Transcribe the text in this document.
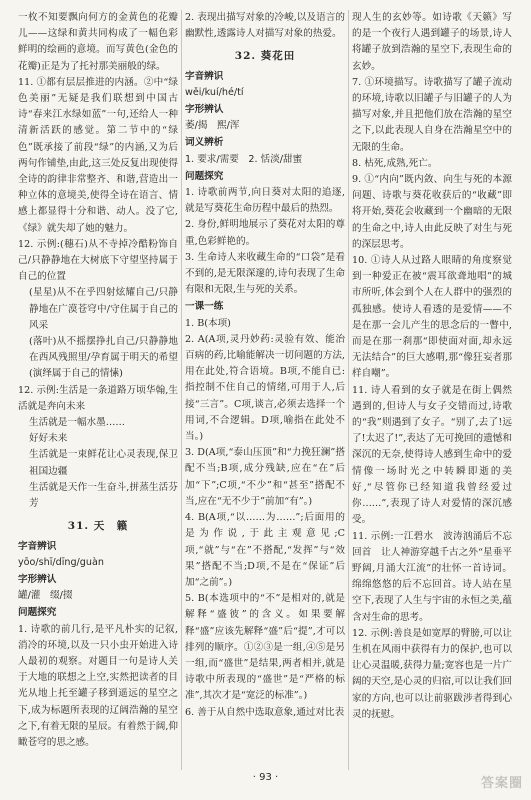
一枚不知要飘向何方的金黄色的花瓣儿——这绿和黄共同构成了一幅色彩鲜明的绘画的意境。而写黄色(金色的花瓣)正是为了托衬那美丽般的绿。
11. ①都有层层推进的内涵。②中“绿色美丽”无疑是我们联想到中国古诗“春来江水绿如蓝”一句,还给人一种清新活跃的感觉。第二节中的“绿色”既承接了前段“绿”的内涵,又为后两句作铺垫,由此,这三处反复出现使得全诗的韵律非常整齐、和谐,营造出一种立体的意境美,使得全诗在语言、情感上都显得十分和谐、动人。没了它,《绿》就失却了她的魅力。
12. 示例:(穗石)从不寺掉冷酷粉饰自己/只静静地在大树底下守望坚持属于自己的位置
(星星)从不在乎四射炫耀自己/只静静地在广漠苍穹中/守住属于自己的风采
(落叶)从不摇摆挣扎自己/只静静地在西风残照里/孕育属于明天的希望(演绎属于自己的情愫)
12. 示例:生活是一条道路万顷华翰,生活就是奔向未来
生活就是一幅水墨……
好好未来
生活就是一束鲜花让心灵表现,保卫祖国边疆
生活就是天作一生奋斗,拼蒸生活芬芳
31. 天　籁
字音辨识
yōo/shī/dīng/guàn
字形辨认
罐/灌　缀/掇
问题探究
1. 诗歌的前几行,是平凡朴实的记叙,消冷的环境,以及一只小虫开始进入诗人最初的观察。对题目一句是诗人关于大地的联想之上空,实然把读者的目光从地上托至罐子移到遥远的星空之下,成为标题所表现的辽阔浩瀚的星空之下,有着无限的星辰。有着然于阔,仰瞰苍穹的思之感。
2. 表现出描写对象的冷峻,以及语言的幽默性,透露诗人对描写对象的热爱。
32. 葵花田
字音辨识
wěi/kuí/hé/tí
字形辨认
萎/揭　熙/浑
词义辨析
1. 要求/需要　2. 恬淡/甜蜜
问题探究
1. 诗歌前两节,向日葵对太阳的追逐,就是写葵花生命历程中最后的热烈。
2. 身份,鲜明地展示了葵花对太阳的尊重,色彩鲜艳的。
3. 生命诗人来收藏生命的“口袋”是看不到的,是无限深邃的,诗句表现了生命有限和无限,生与死的关系。
一课一练
1. B(本项)
2. A(A项,灵丹妙药:灵验有效、能治百病的药,比喻能解决一切问题的方法,用在此处,符合语境。B项,不能自已:指控制不住自己的情绪,可用于人,后接“三言”。C项,谈言,必须去选择一个用词,不合逻辑。D项,喻指在此处不当。)
3. D(A项,“泰山压顶”和“力挽狂澜”搭配不当;B项,成分残缺,应在“在”后加“下”;C项,“不少”和“甚至”搭配不当,应在“无不少于”前加“有”。)
4. B(A项,“以……为……”;后面用的是为作说,于此主观意见;C项,“就”与“在”不搭配,“发挥”与“效果”搭配不当;D项,不是在“保证”后加“之前”。)
5. B(本选项中的“不”是相对的,就是解释“盛彼”的含义。如果要解释“盛”应该先解释“盛”后“提”,才可以排列的顺序。①②③是一组,④⑤是另一组,而“盛世”是结果,两者相并,就是诗歌中所表现的“盛世”是“严格的标准”,其次才是“宽泛的标准”。)
6. 善于从自然中选取意象,通过对比表
现人生的玄妙等。如诗歌《天籁》写的是一个夜行人遇到罐子的场景,诗人将罐子放到浩瀚的星空下,表现生命的玄妙。
7. ①环境描写。诗歌描写了罐子流动的环境,诗歌以旧罐子与旧罐子的人为描写对象,并且把他们放在浩瀚的星空之下,以此表现人自身在浩瀚星空中的无限的生命。
8. 枯死,成熟,死亡。
9. ①“内向”既内敛、向生与死的本源问题、诗歌与葵花收获后的“收藏”即将开始,葵花会收藏到一个幽暗的无限的生命之中,诗人由此反映了对生与死的深层思考。
10. ①诗人从过路人眼睛的角度察觉到一种爱正在被“震耳欲聋地唱”的城市所听,体会到个人在人群中的强烈的孤独感。使诗人看透的是爱情——不是在那一会儿产生的思念后的一瞥中,而是在那一刹那“即使面对面,却永远无法结合”的巨大感喟,那“像狂妄者那样自嘲”。
11. 诗人看到的女子就是在街上偶然遇到的,但诗人与女子交错而过,诗歌的“我”则遇到了女子。“别了,去了!远了!太迟了!”,表达了无可挽回的遗憾和深沉的无奈,使得诗人感到生命中的爱情像一场时光之中转瞬即逝的美好,“尽管你已经知道我曾经爱过你……”,表现了诗人对爱情的深沉感受。
11. 示例:一江碧水　波涛汹涌后不忘回首　让人神游穿越千古之外“星垂平野阔,月涌大江流”的壮怀一首诗词。绵绵悠悠的后不忘回首。诗人站在星空下,表现了人生与宇宙的永恒之美,蕴含对生命的思考。
12. 示例:善良是如宽厚的臂膀,可以让生机在风雨中获得有力的保护,也可以让心灵温暖,获得力量;宽容也是一片广阔的天空,是心灵的归宿,可以让我们回家的方向,也可以让前驱跋涉者得到心灵的抚慰。
· 93 ·	答案圈
